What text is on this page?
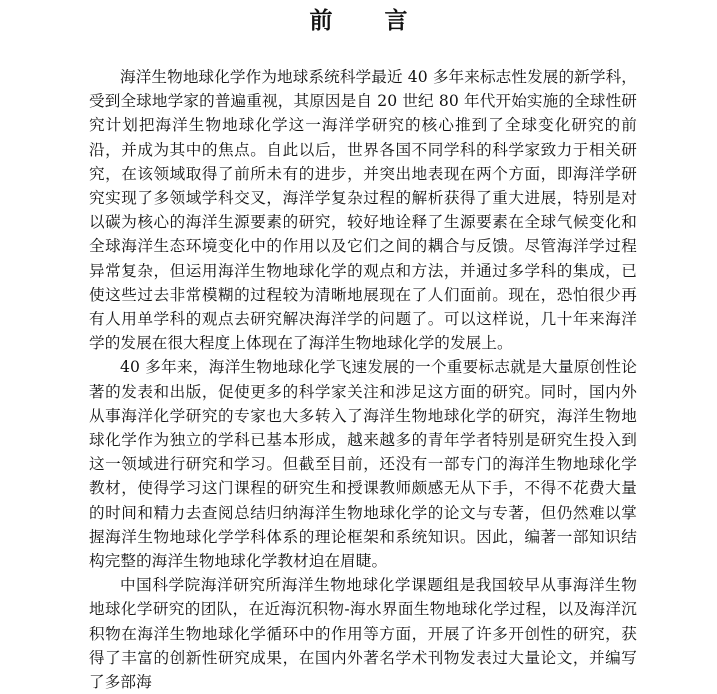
前 言

海洋生物地球化学作为地球系统科学最近 40 多年来标志性发展的新学科，受到全球地学家的普遍重视，其原因是自 20 世纪 80 年代开始实施的全球性研究计划把海洋生物地球化学这一海洋学研究的核心推到了全球变化研究的前沿，并成为其中的焦点。自此以后，世界各国不同学科的科学家致力于相关研究，在该领域取得了前所未有的进步，并突出地表现在两个方面，即海洋学研究实现了多领域学科交叉，海洋学复杂过程的解析获得了重大进展，特别是对以碳为核心的海洋生源要素的研究，较好地诠释了生源要素在全球气候变化和全球海洋生态环境变化中的作用以及它们之间的耦合与反馈。尽管海洋学过程异常复杂，但运用海洋生物地球化学的观点和方法，并通过多学科的集成，已使这些过去非常模糊的过程较为清晰地展现在了人们面前。现在，恐怕很少再有人用单学科的观点去研究解决海洋学的问题了。可以这样说，几十年来海洋学的发展在很大程度上体现在了海洋生物地球化学的发展上。

40 多年来，海洋生物地球化学飞速发展的一个重要标志就是大量原创性论著的发表和出版，促使更多的科学家关注和涉足这方面的研究。同时，国内外从事海洋化学研究的专家也大多转入了海洋生物地球化学的研究，海洋生物地球化学作为独立的学科已基本形成，越来越多的青年学者特别是研究生投入到这一领域进行研究和学习。但截至目前，还没有一部专门的海洋生物地球化学教材，使得学习这门课程的研究生和授课教师颇感无从下手，不得不花费大量的时间和精力去查阅总结归纳海洋生物地球化学的论文与专著，但仍然难以掌握海洋生物地球化学学科体系的理论框架和系统知识。因此，编著一部知识结构完整的海洋生物地球化学教材迫在眉睫。

中国科学院海洋研究所海洋生物地球化学课题组是我国较早从事海洋生物地球化学研究的团队，在近海沉积物-海水界面生物地球化学过程，以及海洋沉积物在海洋生物地球化学循环中的作用等方面，开展了许多开创性的研究，获得了丰富的创新性研究成果，在国内外著名学术刊物发表过大量论文，并编写了多部海
